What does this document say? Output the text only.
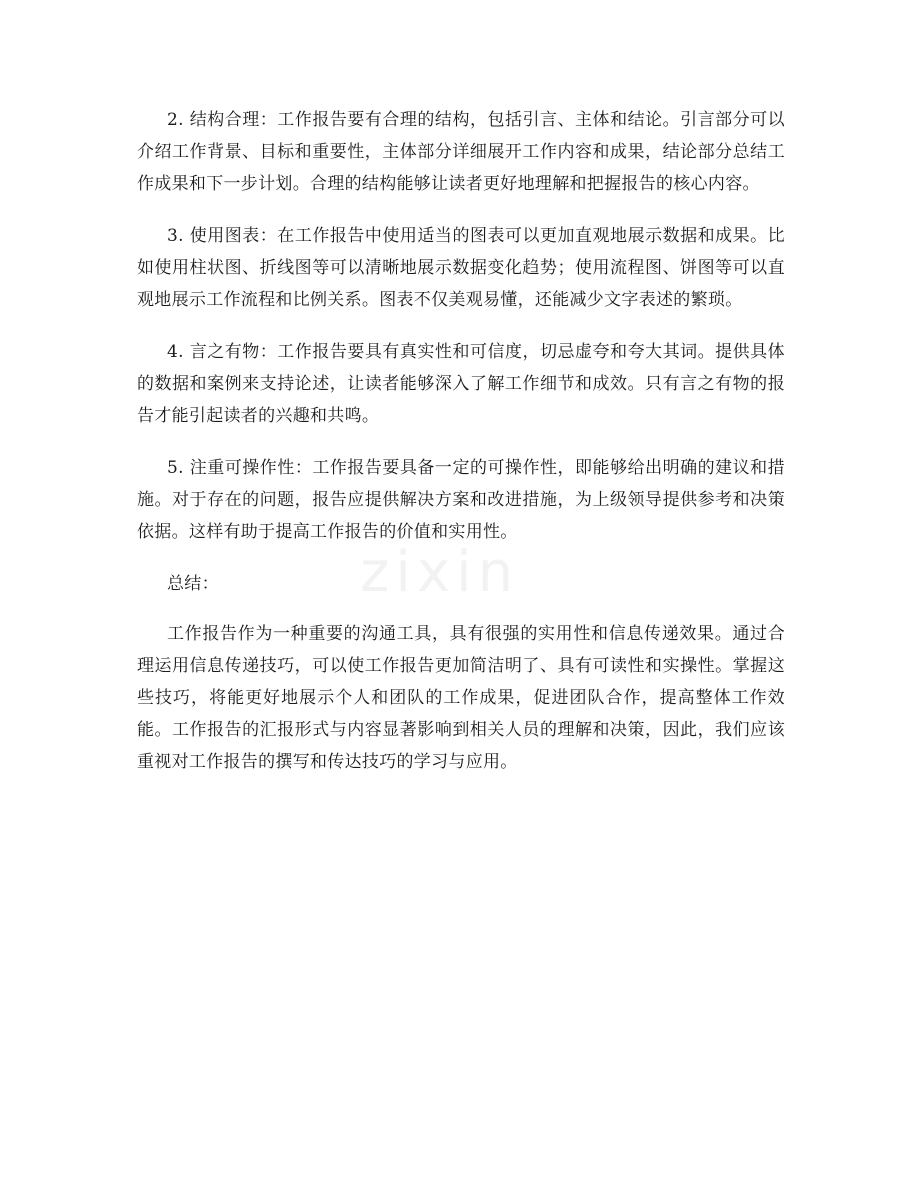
zixin

2. 结构合理：工作报告要有合理的结构，包括引言、主体和结论。引言部分可以介绍工作背景、目标和重要性，主体部分详细展开工作内容和成果，结论部分总结工作成果和下一步计划。合理的结构能够让读者更好地理解和把握报告的核心内容。

3. 使用图表：在工作报告中使用适当的图表可以更加直观地展示数据和成果。比如使用柱状图、折线图等可以清晰地展示数据变化趋势；使用流程图、饼图等可以直观地展示工作流程和比例关系。图表不仅美观易懂，还能减少文字表述的繁琐。

4. 言之有物：工作报告要具有真实性和可信度，切忌虚夸和夸大其词。提供具体的数据和案例来支持论述，让读者能够深入了解工作细节和成效。只有言之有物的报告才能引起读者的兴趣和共鸣。

5. 注重可操作性：工作报告要具备一定的可操作性，即能够给出明确的建议和措施。对于存在的问题，报告应提供解决方案和改进措施，为上级领导提供参考和决策依据。这样有助于提高工作报告的价值和实用性。

总结：

工作报告作为一种重要的沟通工具，具有很强的实用性和信息传递效果。通过合理运用信息传递技巧，可以使工作报告更加简洁明了、具有可读性和实操性。掌握这些技巧，将能更好地展示个人和团队的工作成果，促进团队合作，提高整体工作效能。工作报告的汇报形式与内容显著影响到相关人员的理解和决策，因此，我们应该重视对工作报告的撰写和传达技巧的学习与应用。
